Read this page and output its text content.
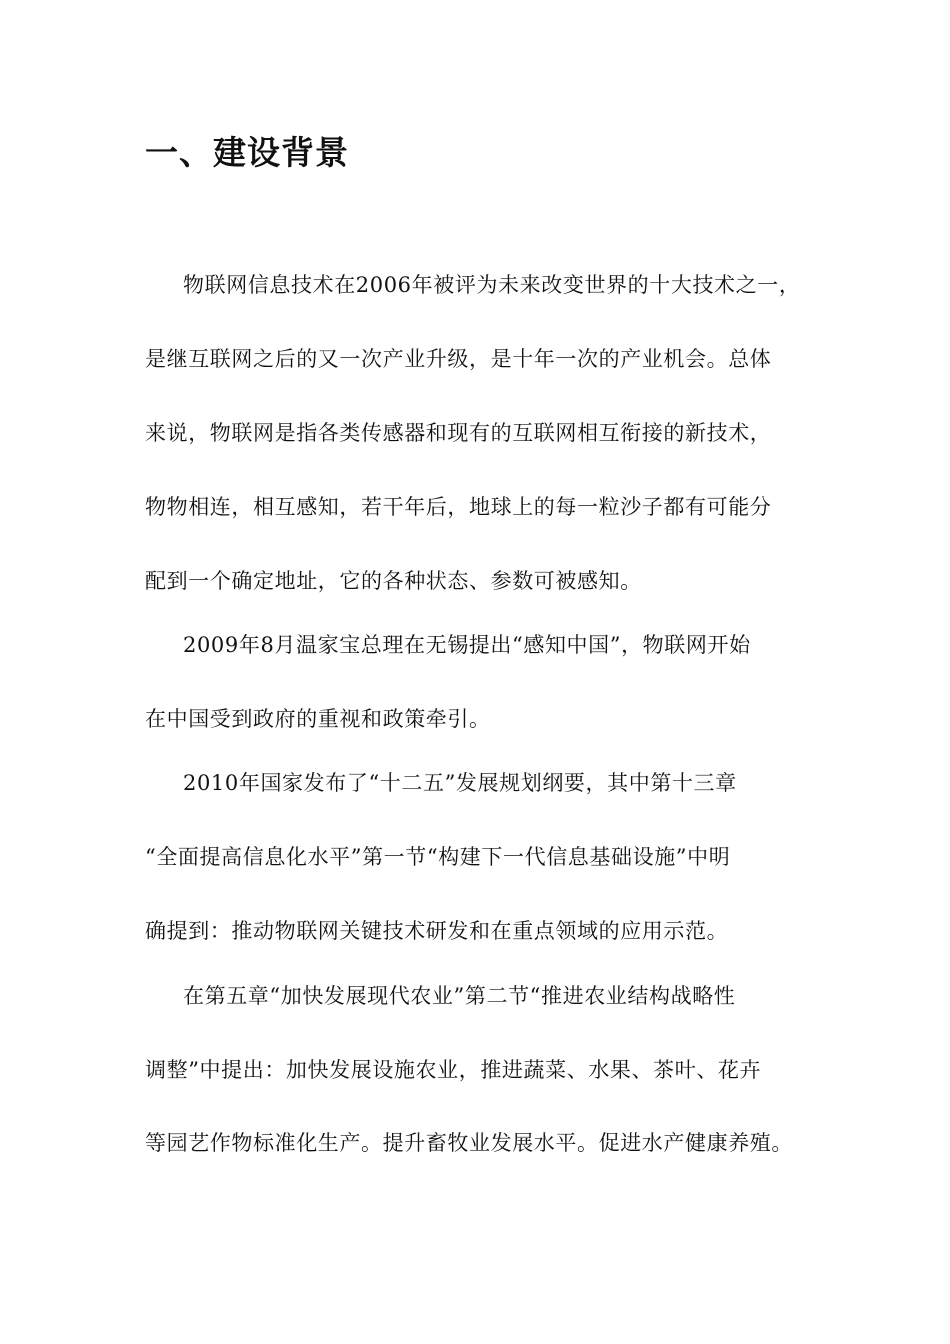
一、建设背景
物联网信息技术在2006年被评为未来改变世界的十大技术之一，
是继互联网之后的又一次产业升级，是十年一次的产业机会。总体
来说，物联网是指各类传感器和现有的互联网相互衔接的新技术，
物物相连，相互感知，若干年后，地球上的每一粒沙子都有可能分
配到一个确定地址，它的各种状态、参数可被感知。
2009年8月温家宝总理在无锡提出“感知中国”，物联网开始
在中国受到政府的重视和政策牵引。
2010年国家发布了“十二五”发展规划纲要，其中第十三章
“全面提高信息化水平”第一节“构建下一代信息基础设施”中明
确提到：推动物联网关键技术研发和在重点领域的应用示范。
在第五章“加快发展现代农业”第二节“推进农业结构战略性
调整”中提出：加快发展设施农业，推进蔬菜、水果、茶叶、花卉
等园艺作物标准化生产。提升畜牧业发展水平。促进水产健康养殖。
